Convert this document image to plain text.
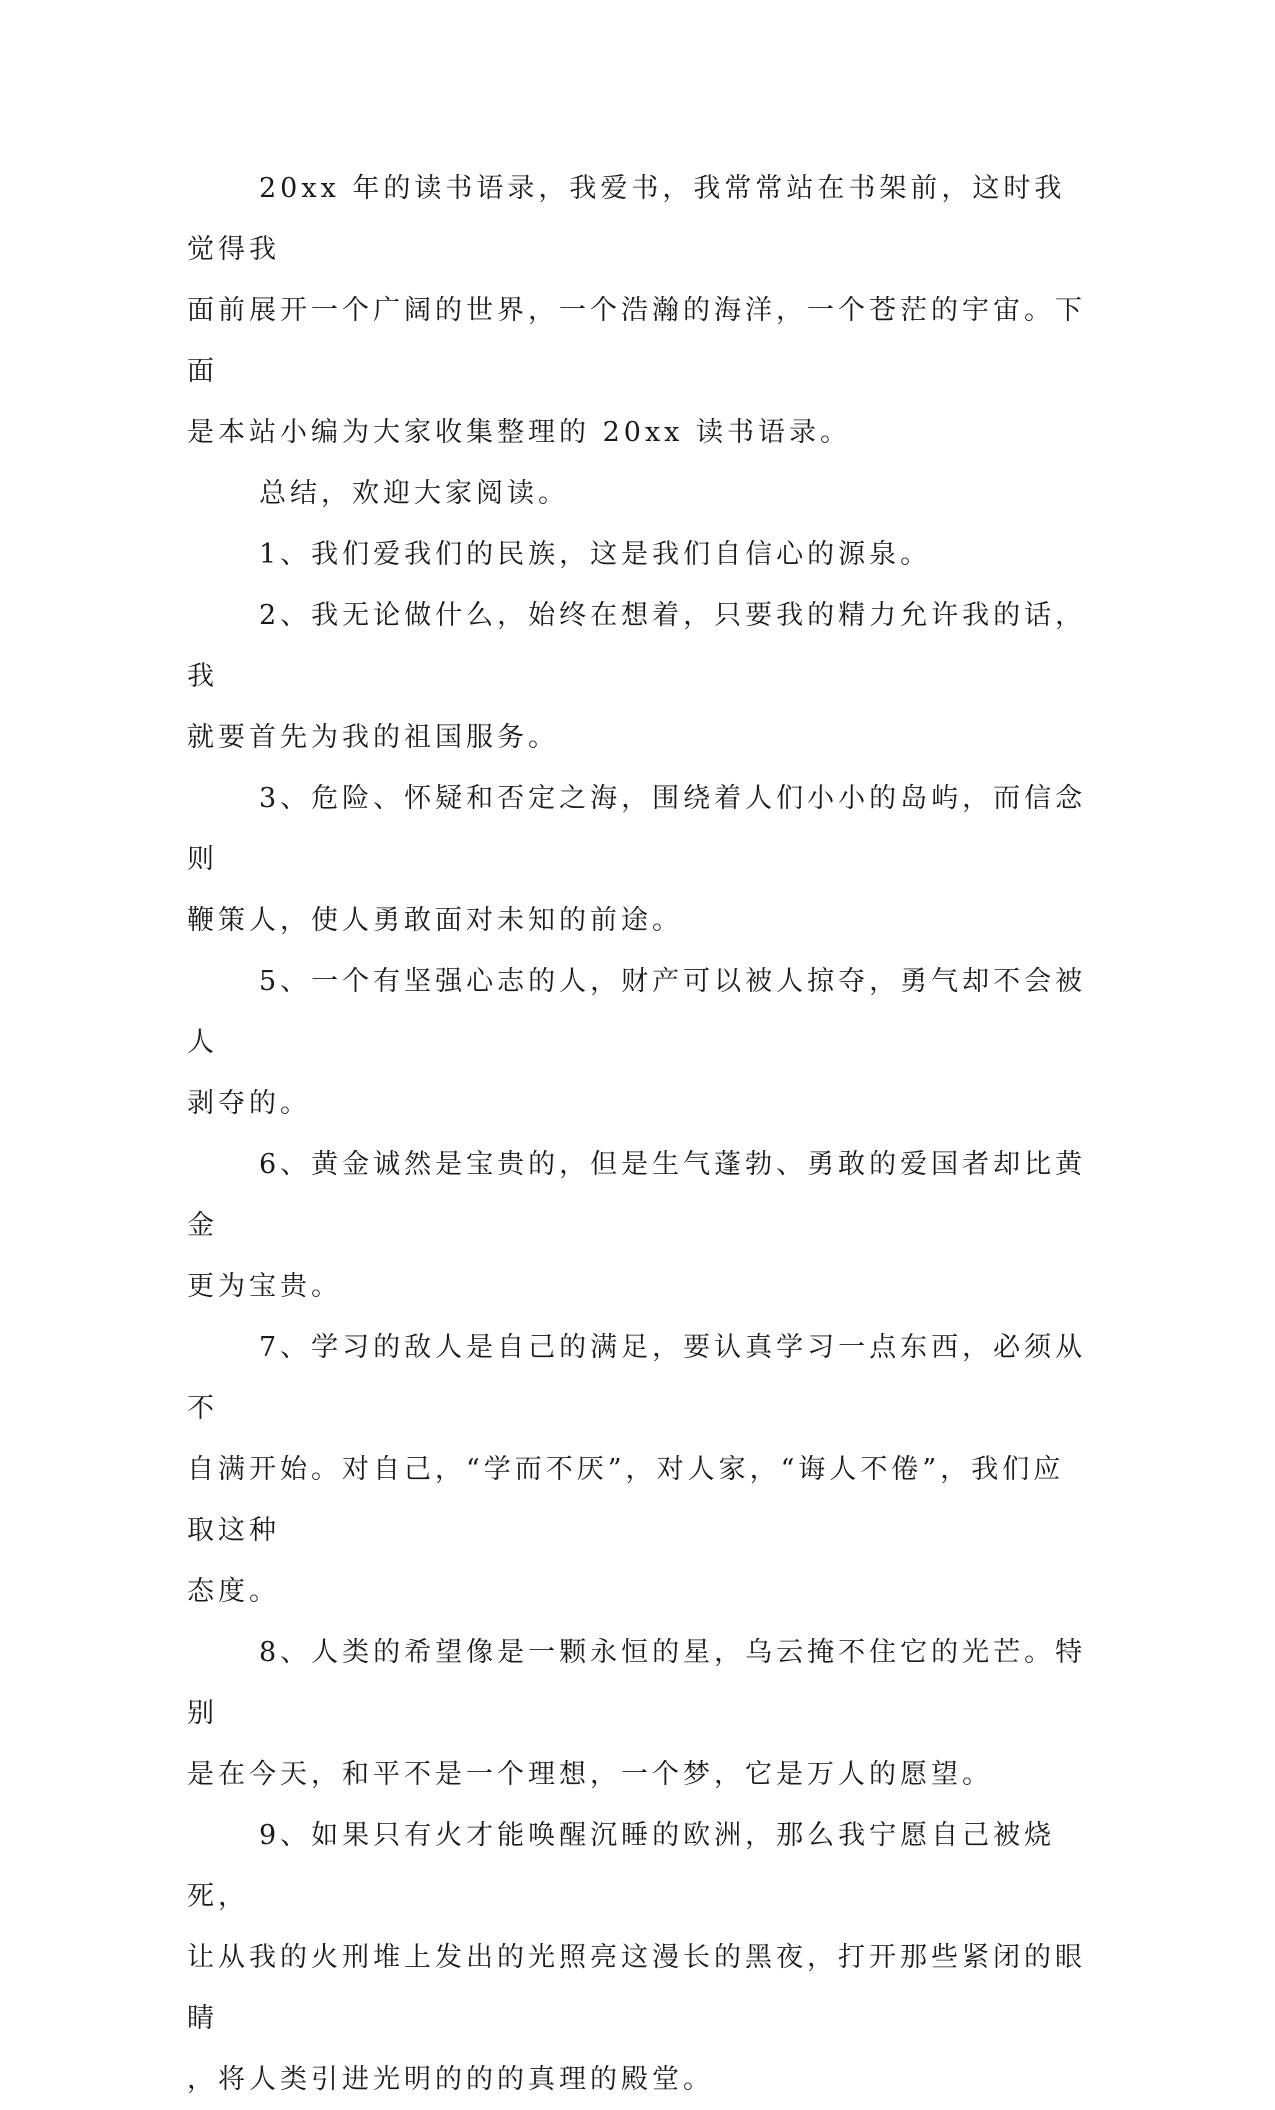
20xx 年的读书语录，我爱书，我常常站在书架前，这时我觉得我
面前展开一个广阔的世界，一个浩瀚的海洋，一个苍茫的宇宙。下面
是本站小编为大家收集整理的 20xx 读书语录。

总结，欢迎大家阅读。

1、我们爱我们的民族，这是我们自信心的源泉。

2、我无论做什么，始终在想着，只要我的精力允许我的话，我
就要首先为我的祖国服务。

3、危险、怀疑和否定之海，围绕着人们小小的岛屿，而信念则
鞭策人，使人勇敢面对未知的前途。

5、一个有坚强心志的人，财产可以被人掠夺，勇气却不会被人
剥夺的。

6、黄金诚然是宝贵的，但是生气蓬勃、勇敢的爱国者却比黄金
更为宝贵。

7、学习的敌人是自己的满足，要认真学习一点东西，必须从不
自满开始。对自己，“学而不厌”，对人家，“诲人不倦”，我们应取这种
态度。

8、人类的希望像是一颗永恒的星，乌云掩不住它的光芒。特别
是在今天，和平不是一个理想，一个梦，它是万人的愿望。

9、如果只有火才能唤醒沉睡的欧洲，那么我宁愿自己被烧死，
让从我的火刑堆上发出的光照亮这漫长的黑夜，打开那些紧闭的眼睛
，将人类引进光明的的的真理的殿堂。
